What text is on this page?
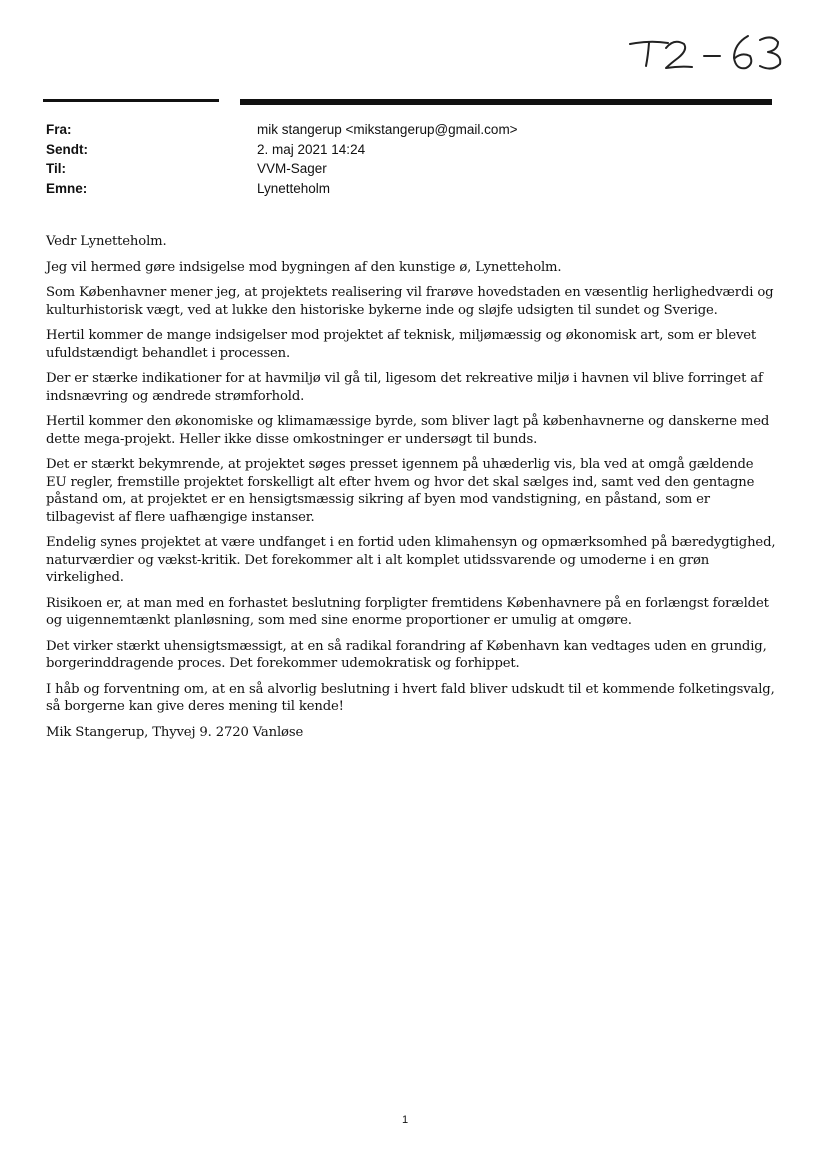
Fra:	mik stangerup <mikstangerup@gmail.com>
Sendt:	2. maj 2021 14:24
Til:	VVM-Sager
Emne:	Lynetteholm

Vedr Lynetteholm.

Jeg vil hermed gøre indsigelse mod bygningen af den kunstige ø, Lynetteholm.

Som Københavner mener jeg, at projektets realisering vil frarøve hovedstaden en væsentlig herlighedværdi og kulturhistorisk vægt, ved at lukke den historiske bykerne inde og sløjfe udsigten til sundet og Sverige.

Hertil kommer de mange indsigelser mod projektet af teknisk, miljømæssig og økonomisk art, som er blevet ufuldstændigt behandlet i processen.

Der er stærke indikationer for at havmiljø vil gå til, ligesom det rekreative miljø i havnen vil blive forringet af indsnævring og ændrede strømforhold.

Hertil kommer den økonomiske og klimamæssige byrde, som bliver lagt på københavnerne og danskerne med dette mega-projekt. Heller ikke disse omkostninger er undersøgt til bunds.

Det er stærkt bekymrende, at projektet søges presset igennem på uhæderlig vis, bla ved at omgå gældende EU regler, fremstille projektet forskelligt alt efter hvem og hvor det skal sælges ind, samt ved den gentagne påstand om, at projektet er en hensigtsmæssig sikring af byen mod vandstigning, en påstand, som er tilbagevist af flere uafhængige instanser.

Endelig synes projektet at være undfanget i en fortid uden klimahensyn og opmærksomhed på bæredygtighed, naturværdier og vækst-kritik. Det forekommer alt i alt komplet utidssvarende og umoderne i en grøn virkelighed.

Risikoen er, at man med en forhastet beslutning forpligter fremtidens Københavnere på en forlængst forældet og uigennemtænkt planløsning, som med sine enorme proportioner er umulig at omgøre.

Det virker stærkt uhensigtsmæssigt, at en så radikal forandring af København kan vedtages uden en grundig, borgerinddragende proces. Det forekommer udemokratisk og forhippet.

I håb og forventning om, at en så alvorlig beslutning i hvert fald bliver udskudt til et kommende folketingsvalg, så borgerne kan give deres mening til kende!

Mik Stangerup, Thyvej 9. 2720 Vanløse

1
